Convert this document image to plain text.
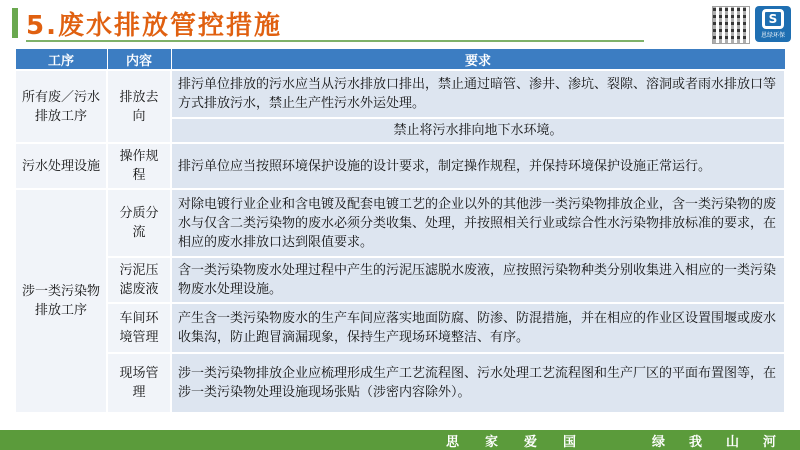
5.废水排放管控措施	S
恩绿环保
工序	内容	要求
所有废／污水排放工序	排放去向	排污单位排放的污水应当从污水排放口排出，禁止通过暗管、渗井、渗坑、裂隙、溶洞或者雨水排放口等方式排放污水，禁止生产性污水外运处理。
		禁止将污水排向地下水环境。
污水处理设施	操作规程	排污单位应当按照环境保护设施的设计要求，制定操作规程，并保持环境保护设施正常运行。
涉一类污染物排放工序	分质分流	对除电镀行业企业和含电镀及配套电镀工艺的企业以外的其他涉一类污染物排放企业，含一类污染物的废水与仅含二类污染物的废水必须分类收集、处理，并按照相关行业或综合性水污染物排放标准的要求，在相应的废水排放口达到限值要求。
	污泥压滤废液	含一类污染物废水处理过程中产生的污泥压滤脱水废液，应按照污染物种类分别收集进入相应的一类污染物废水处理设施。
	车间环境管理	产生含一类污染物废水的生产车间应落实地面防腐、防渗、防混措施，并在相应的作业区设置围堰或废水收集沟，防止跑冒滴漏现象，保持生产现场环境整洁、有序。
	现场管理	涉一类污染物排放企业应梳理形成生产工艺流程图、污水处理工艺流程图和生产厂区的平面布置图等，在涉一类污染物处理设施现场张贴（涉密内容除外）。
思 家 爱 国	绿 我 山 河
